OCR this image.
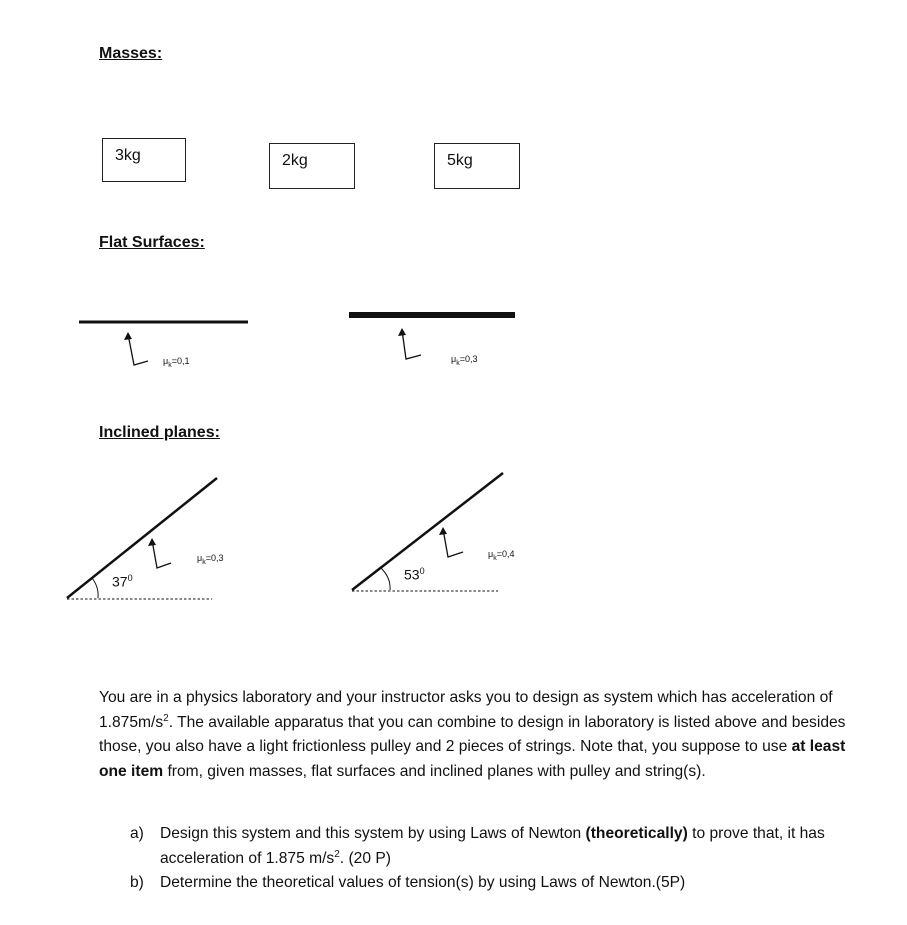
Masses:
Flat Surfaces:
Inclined planes:
3kg	2kg	5kg
$\mu_k=0,1$	$\mu_k=0,3$
$\mu_k=0,3$	$\mu_k=0,4$
$37^0$	$53^0$
You are in a physics laboratory and your instructor asks you to design as system which has acceleration of $1.875m/s^2$. The available apparatus that you can combine to design in laboratory is listed above and besides those, you also have a light frictionless pulley and 2 pieces of strings. Note that, you suppose to use at least one item from, given masses, flat surfaces and inclined planes with pulley and string(s).
a)	Design this system and this system by using Laws of Newton (theoretically) to prove that, it has acceleration of 1.875 $m/s^2$. (20 P)
b)	Determine the theoretical values of tension(s) by using Laws of Newton.(5P)
